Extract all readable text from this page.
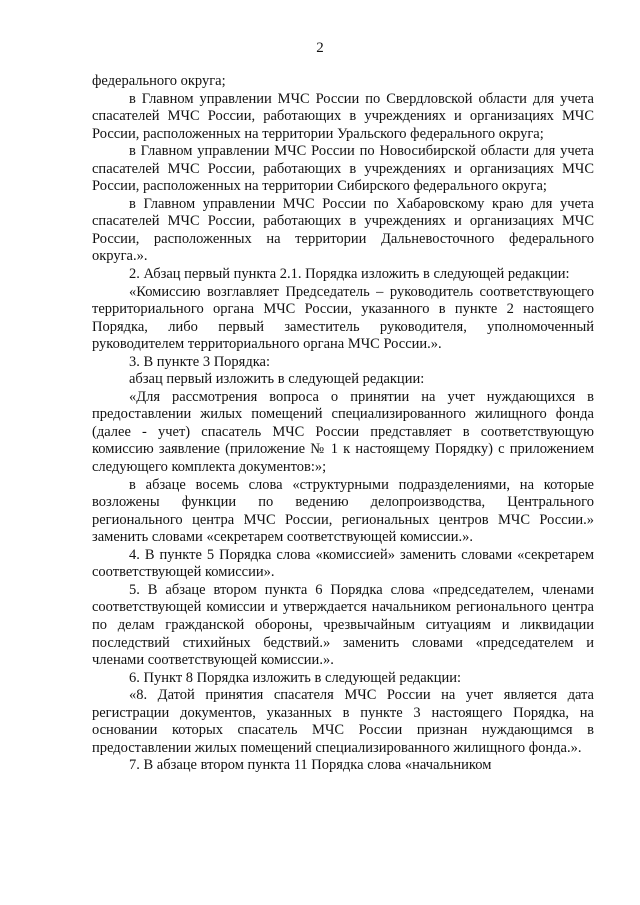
2

федерального округа;

в Главном управлении МЧС России по Свердловской области для учета спасателей МЧС России, работающих в учреждениях и организациях МЧС России, расположенных на территории Уральского федерального округа;

в Главном управлении МЧС России по Новосибирской области для учета спасателей МЧС России, работающих в учреждениях и организациях МЧС России, расположенных на территории Сибирского федерального округа;

в Главном управлении МЧС России по Хабаровскому краю для учета спасателей МЧС России, работающих в учреждениях и организациях МЧС России, расположенных на территории Дальневосточного федерального округа.».

2. Абзац первый пункта 2.1. Порядка изложить в следующей редакции:

«Комиссию возглавляет Председатель – руководитель соответствующего территориального органа МЧС России, указанного в пункте 2 настоящего Порядка, либо первый заместитель руководителя, уполномоченный руководителем территориального органа МЧС России.».

3. В пункте 3 Порядка:

абзац первый изложить в следующей редакции:

«Для рассмотрения вопроса о принятии на учет нуждающихся в предоставлении жилых помещений специализированного жилищного фонда (далее - учет) спасатель МЧС России представляет в соответствующую комиссию заявление (приложение № 1 к настоящему Порядку) с приложением следующего комплекта документов:»;

в абзаце восемь слова «структурными подразделениями, на которые возложены функции по ведению делопроизводства, Центрального регионального центра МЧС России, региональных центров МЧС России.» заменить словами «секретарем соответствующей комиссии.».

4. В пункте 5 Порядка слова «комиссией» заменить словами «секретарем соответствующей комиссии».

5. В абзаце втором пункта 6 Порядка слова «председателем, членами соответствующей комиссии и утверждается начальником регионального центра по делам гражданской обороны, чрезвычайным ситуациям и ликвидации последствий стихийных бедствий.» заменить словами «председателем и членами соответствующей комиссии.».

6. Пункт 8 Порядка изложить в следующей редакции:

«8. Датой принятия спасателя МЧС России на учет является дата регистрации документов, указанных в пункте 3 настоящего Порядка, на основании которых спасатель МЧС России признан нуждающимся в предоставлении жилых помещений специализированного жилищного фонда.».

7. В абзаце втором пункта 11 Порядка слова «начальником
